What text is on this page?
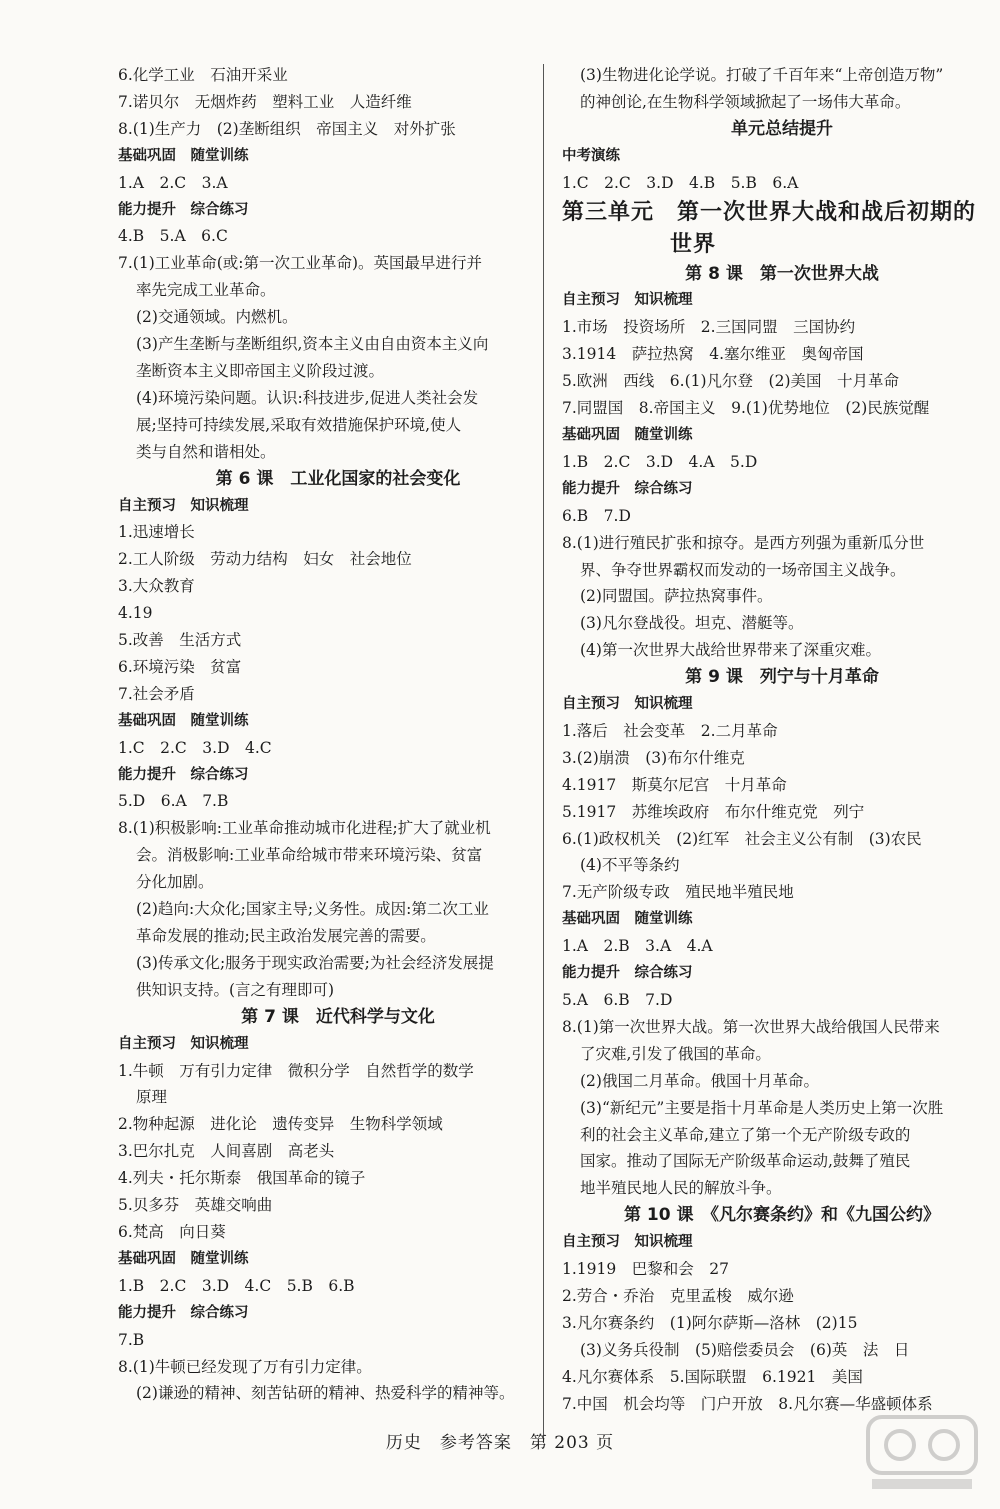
6.化学工业　石油开采业
7.诺贝尔　无烟炸药　塑料工业　人造纤维
8.(1)生产力　(2)垄断组织　帝国主义　对外扩张
基础巩固　随堂训练
1.A　2.C　3.A
能力提升　综合练习
4.B　5.A　6.C
7.(1)工业革命(或:第一次工业革命)。英国最早进行并
率先完成工业革命。
(2)交通领域。内燃机。
(3)产生垄断与垄断组织,资本主义由自由资本主义向
垄断资本主义即帝国主义阶段过渡。
(4)环境污染问题。认识:科技进步,促进人类社会发
展;坚持可持续发展,采取有效措施保护环境,使人
类与自然和谐相处。
第 6 课　工业化国家的社会变化
自主预习　知识梳理
1.迅速增长
2.工人阶级　劳动力结构　妇女　社会地位
3.大众教育
4.19
5.改善　生活方式
6.环境污染　贫富
7.社会矛盾
基础巩固　随堂训练
1.C　2.C　3.D　4.C
能力提升　综合练习
5.D　6.A　7.B
8.(1)积极影响:工业革命推动城市化进程;扩大了就业机
会。消极影响:工业革命给城市带来环境污染、贫富
分化加剧。
(2)趋向:大众化;国家主导;义务性。成因:第二次工业
革命发展的推动;民主政治发展完善的需要。
(3)传承文化;服务于现实政治需要;为社会经济发展提
供知识支持。(言之有理即可)
第 7 课　近代科学与文化
自主预习　知识梳理
1.牛顿　万有引力定律　微积分学　自然哲学的数学
原理
2.物种起源　进化论　遗传变异　生物科学领域
3.巴尔扎克　人间喜剧　高老头
4.列夫・托尔斯泰　俄国革命的镜子
5.贝多芬　英雄交响曲
6.梵高　向日葵
基础巩固　随堂训练
1.B　2.C　3.D　4.C　5.B　6.B
能力提升　综合练习
7.B
8.(1)牛顿已经发现了万有引力定律。
(2)谦逊的精神、刻苦钻研的精神、热爱科学的精神等。
(3)生物进化论学说。打破了千百年来“上帝创造万物”
的神创论,在生物科学领域掀起了一场伟大革命。
单元总结提升
中考演练
1.C　2.C　3.D　4.B　5.B　6.A
第三单元　第一次世界大战和战后初期的
世界
第 8 课　第一次世界大战
自主预习　知识梳理
1.市场　投资场所　2.三国同盟　三国协约
3.1914　萨拉热窝　4.塞尔维亚　奥匈帝国
5.欧洲　西线　6.(1)凡尔登　(2)美国　十月革命
7.同盟国　8.帝国主义　9.(1)优势地位　(2)民族觉醒
基础巩固　随堂训练
1.B　2.C　3.D　4.A　5.D
能力提升　综合练习
6.B　7.D
8.(1)进行殖民扩张和掠夺。是西方列强为重新瓜分世
界、争夺世界霸权而发动的一场帝国主义战争。
(2)同盟国。萨拉热窝事件。
(3)凡尔登战役。坦克、潜艇等。
(4)第一次世界大战给世界带来了深重灾难。
第 9 课　列宁与十月革命
自主预习　知识梳理
1.落后　社会变革　2.二月革命
3.(2)崩溃　(3)布尔什维克
4.1917　斯莫尔尼宫　十月革命
5.1917　苏维埃政府　布尔什维克党　列宁
6.(1)政权机关　(2)红军　社会主义公有制　(3)农民
(4)不平等条约
7.无产阶级专政　殖民地半殖民地
基础巩固　随堂训练
1.A　2.B　3.A　4.A
能力提升　综合练习
5.A　6.B　7.D
8.(1)第一次世界大战。第一次世界大战给俄国人民带来
了灾难,引发了俄国的革命。
(2)俄国二月革命。俄国十月革命。
(3)“新纪元”主要是指十月革命是人类历史上第一次胜
利的社会主义革命,建立了第一个无产阶级专政的
国家。推动了国际无产阶级革命运动,鼓舞了殖民
地半殖民地人民的解放斗争。
第 10 课　《凡尔赛条约》和《九国公约》
自主预习　知识梳理
1.1919　巴黎和会　27
2.劳合・乔治　克里孟梭　威尔逊
3.凡尔赛条约　(1)阿尔萨斯—洛林　(2)15
(3)义务兵役制　(5)赔偿委员会　(6)英　法　日
4.凡尔赛体系　5.国际联盟　6.1921　美国
7.中国　机会均等　门户开放　8.凡尔赛—华盛顿体系
历史　参考答案　第 203 页
